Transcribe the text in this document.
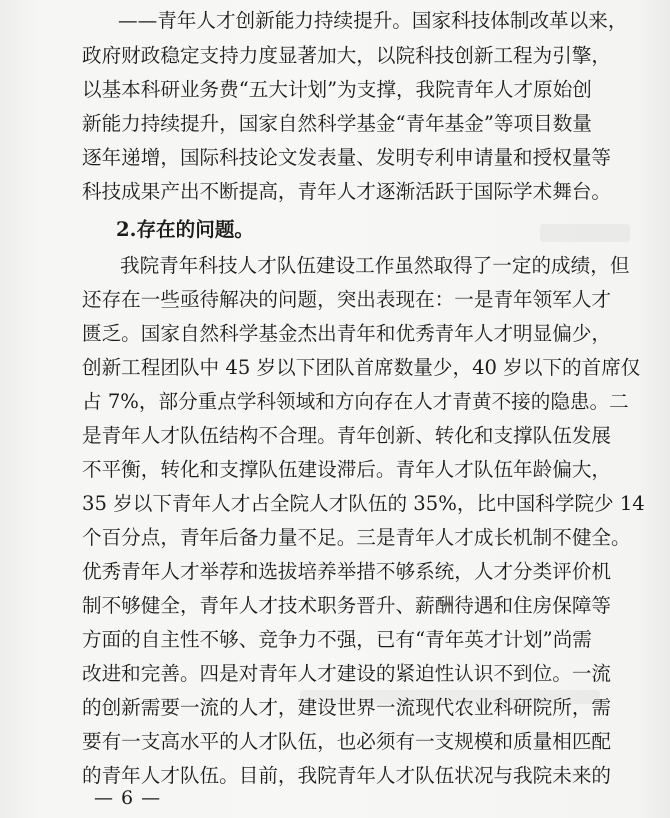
——青年人才创新能力持续提升。国家科技体制改革以来，
政府财政稳定支持力度显著加大，以院科技创新工程为引擎，
以基本科研业务费“五大计划”为支撑，我院青年人才原始创
新能力持续提升，国家自然科学基金“青年基金”等项目数量
逐年递增，国际科技论文发表量、发明专利申请量和授权量等
科技成果产出不断提高，青年人才逐渐活跃于国际学术舞台。
2.存在的问题。
我院青年科技人才队伍建设工作虽然取得了一定的成绩，但
还存在一些亟待解决的问题，突出表现在：一是青年领军人才
匮乏。国家自然科学基金杰出青年和优秀青年人才明显偏少，
创新工程团队中 45 岁以下团队首席数量少，40 岁以下的首席仅
占 7%，部分重点学科领域和方向存在人才青黄不接的隐患。二
是青年人才队伍结构不合理。青年创新、转化和支撑队伍发展
不平衡，转化和支撑队伍建设滞后。青年人才队伍年龄偏大，
35 岁以下青年人才占全院人才队伍的 35%，比中国科学院少 14
个百分点，青年后备力量不足。三是青年人才成长机制不健全。
优秀青年人才举荐和选拔培养举措不够系统，人才分类评价机
制不够健全，青年人才技术职务晋升、薪酬待遇和住房保障等
方面的自主性不够、竞争力不强，已有“青年英才计划”尚需
改进和完善。四是对青年人才建设的紧迫性认识不到位。一流
的创新需要一流的人才，建设世界一流现代农业科研院所，需
要有一支高水平的人才队伍，也必须有一支规模和质量相匹配
的青年人才队伍。目前，我院青年人才队伍状况与我院未来的
— 6 —
